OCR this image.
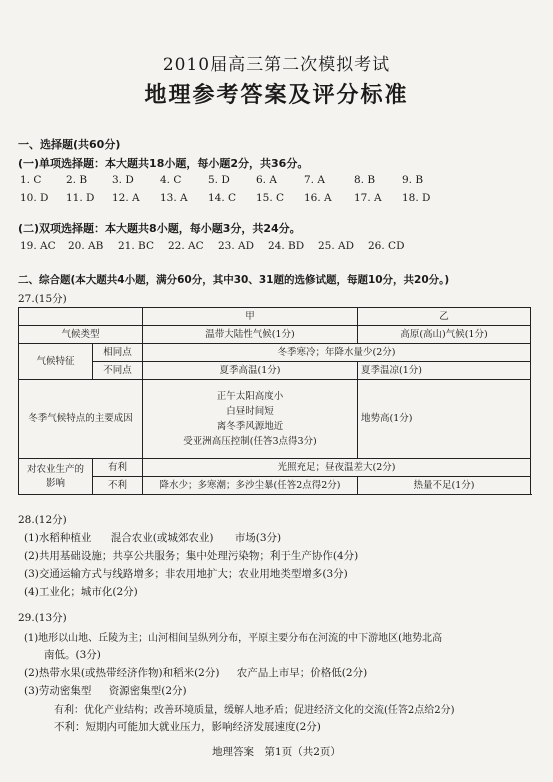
2010届高三第二次模拟考试
地理参考答案及评分标准
一、选择题(共60分)
(一)单项选择题：本大题共18小题，每小题2分，共36分。
1. C 2. B 3. D 4. C	5. D 6. A	7. A	8. B	9. B
10. D 11. D 12. A 13. A 14. C 15. C 16. A 17. A 18. D
(二)双项选择题：本大题共8小题，每小题3分，共24分。
19. AC 20. AB 21. BC 22. AC 23. AD 24. BD 25. AD 26. CD
二、综合题(本大题共4小题，满分60分，其中30、31题的选修试题，每题10分，共20分。)
27.(15分)
		甲	乙
气候类型		温带大陆性气候(1分)	高原(高山)气候(1分)
气候特征	相同点	冬季寒冷；年降水量少(2分)	
	不同点	夏季高温(1分)	夏季温凉(1分)
冬季气候特点的主要成因		正午太阳高度小
白昼时间短
离冬季风源地近
受亚洲高压控制(任答3点得3分)	地势高(1分)

对农业生产的
影响	有利	光照充足；昼夜温差大(2分)	
	不利	降水少；多寒潮；多沙尘暴(任答2点得2分)	热量不足(1分)
28.(12分)
(1)水稻种植业 混合农业(或城郊农业) 市场(3分)
(2)共用基础设施；共享公共服务；集中处理污染物；利于生产协作(4分)
(3)交通运输方式与线路增多；非农用地扩大；农业用地类型增多(3分)
(4)工业化；城市化(2分)
29.(13分)
(1)地形以山地、丘陵为主；山河相间呈纵列分布，平原主要分布在河流的中下游地区(地势北高
南低。(3分)
(2)热带水果(或热带经济作物)和稻米(2分) 农产品上市早；价格低(2分)
(3)劳动密集型 资源密集型(2分)
有利：优化产业结构；改善环境质量，缓解人地矛盾；促进经济文化的交流(任答2点给2分)
不利：短期内可能加大就业压力，影响经济发展速度(2分)
地理答案　第1页（共2页）
